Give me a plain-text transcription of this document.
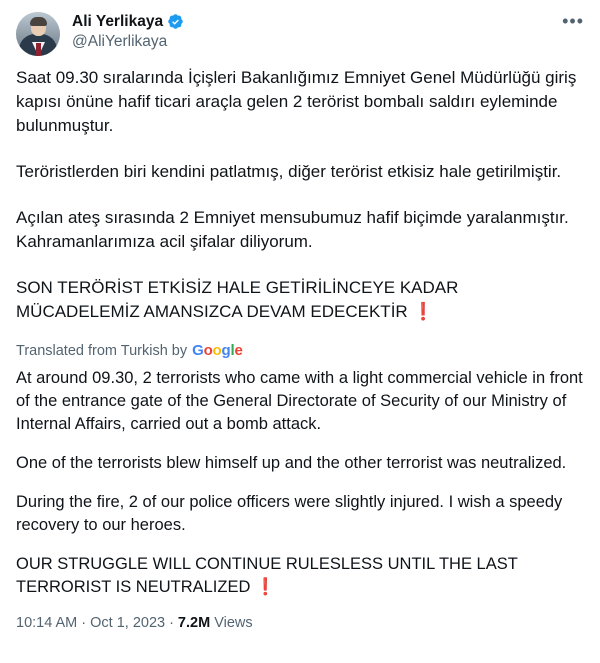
Ali Yerlikaya
@AliYerlikaya
•••

Saat 09.30 sıralarında İçişleri Bakanlığımız Emniyet Genel Müdürlüğü giriş kapısı önüne hafif ticari araçla gelen 2 terörist bombalı saldırı eyleminde bulunmuştur.

Teröristlerden biri kendini patlatmış, diğer terörist etkisiz hale getirilmiştir.

Açılan ateş sırasında 2 Emniyet mensubumuz hafif biçimde yaralanmıştır. Kahramanlarımıza acil şifalar diliyorum.

SON TERÖRİST ETKİSİZ HALE GETİRİLİNCEYE KADAR MÜCADELEMİZ AMANSIZCA DEVAM EDECEKTİR ❗

Translated from Turkish by Google

At around 09.30, 2 terrorists who came with a light commercial vehicle in front of the entrance gate of the General Directorate of Security of our Ministry of Internal Affairs, carried out a bomb attack.

One of the terrorists blew himself up and the other terrorist was neutralized.

During the fire, 2 of our police officers were slightly injured. I wish a speedy recovery to our heroes.

OUR STRUGGLE WILL CONTINUE RULESLESS UNTIL THE LAST TERRORIST IS NEUTRALIZED ❗

10:14 AM · Oct 1, 2023 · 7.2M Views
